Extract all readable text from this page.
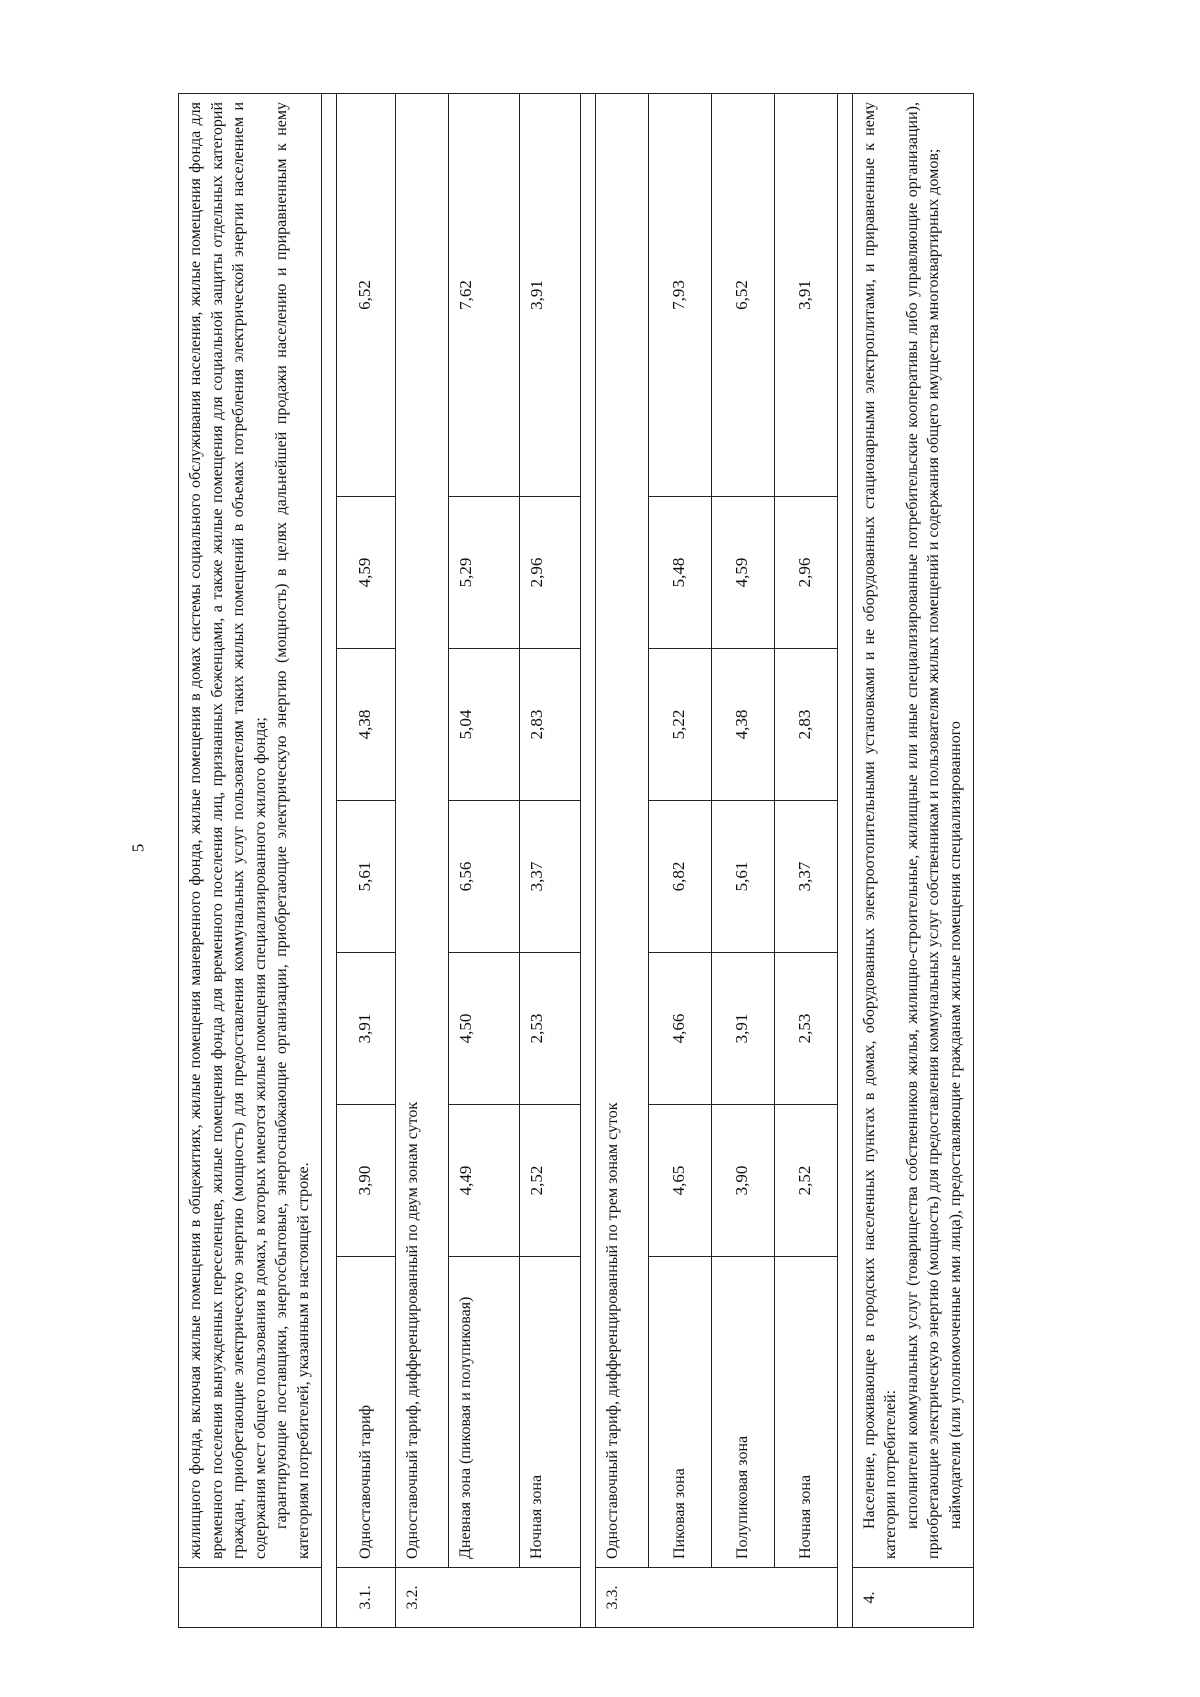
5

	жилищного фонда, включая жилые помещения в общежитиях, жилые помещения маневренного фонда, жилые помещения в домах системы социального обслуживания населения, жилые помещения фонда для временного поселения вынужденных переселенцев, жилые помещения фонда для временного поселения лиц, признанных беженцами, а также жилые помещения для социальной защиты отдельных категорий граждан, приобретающие электрическую энергию (мощность) для предоставления коммунальных услуг пользователям таких жилых помещений в объемах потребления электрической энергии населением и содержания мест общего пользования в домах, в которых имеются жилые помещения специализированного жилого фонда; гарантирующие поставщики, энергосбытовые, энергоснабжающие организации, приобретающие электрическую энергию (мощность) в целях дальнейшей продажи населению и приравненным к нему категориям потребителей, указанным в настоящей строке.						

3.1.	Одноставочный тариф	3,90	3,91	5,61	4,38	4,59	6,52
3.2.	Одноставочный тариф, дифференцированный по двум зонам суток						
	Дневная зона (пиковая и полупиковая)	4,49	4,50	6,56	5,04	5,29	7,62
	Ночная зона	2,52	2,53	3,37	2,83	2,96	3,91

3.3.	Одноставочный тариф, дифференцированный по трем зонам суток						
	Пиковая зона	4,65	4,66	6,82	5,22	5,48	7,93
	Полупиковая зона	3,90	3,91	5,61	4,38	4,59	6,52
	Ночная зона	2,52	2,53	3,37	2,83	2,96	3,91

4.	Население, проживающее в городских населенных пунктах в домах, оборудованных электроотопительными установками и не оборудованных стационарными электроплитами, и приравненные к нему категории потребителей: исполнители коммунальных услуг (товарищества собственников жилья, жилищно-строительные, жилищные или иные специализированные потребительские кооперативы либо управляющие организации), приобретающие электрическую энергию (мощность) для предоставления коммунальных услуг собственникам и пользователям жилых помещений и содержания общего имущества многоквартирных домов; наймодатели (или уполномоченные ими лица), предоставляющие гражданам жилые помещения специализированного						
